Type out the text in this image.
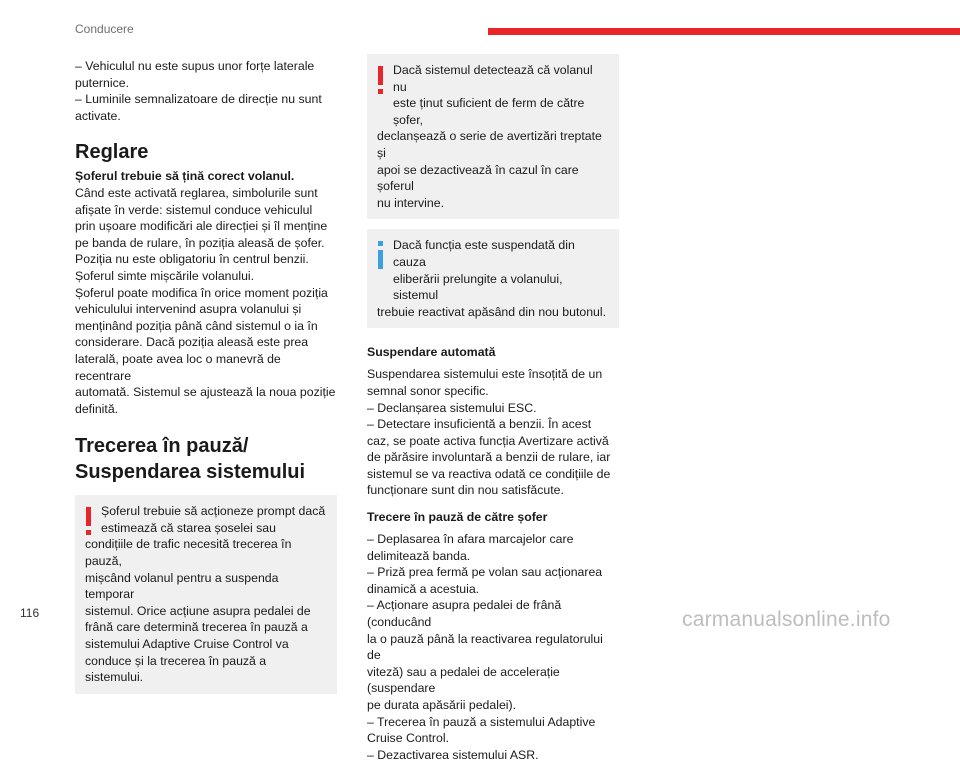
Conducere

– Vehiculul nu este supus unor forțe laterale
puternice.
– Luminile semnalizatoare de direcție nu sunt
activate.

Reglare

Șoferul trebuie să țină corect volanul.
Când este activată reglarea, simbolurile sunt
afișate în verde: sistemul conduce vehiculul
prin ușoare modificări ale direcției și îl menține
pe banda de rulare, în poziția aleasă de șofer.
Poziția nu este obligatoriu în centrul benzii.
Șoferul simte mișcările volanului.
Șoferul poate modifica în orice moment poziția
vehiculului intervenind asupra volanului și
menținând poziția până când sistemul o ia în
considerare. Dacă poziția aleasă este prea
laterală, poate avea loc o manevră de recentrare
automată. Sistemul se ajustează la noua poziție
definită.

Trecerea în pauză/
Suspendarea sistemului

Șoferul trebuie să acționeze prompt dacă
estimează că starea șoselei sau
condițiile de trafic necesită trecerea în pauză,
mișcând volanul pentru a suspenda temporar
sistemul. Orice acțiune asupra pedalei de
frână care determină trecerea în pauză a
sistemului Adaptive Cruise Control va
conduce și la trecerea în pauză a sistemului.

Dacă sistemul detectează că volanul nu
este ținut suficient de ferm de către șofer,
declanșează o serie de avertizări treptate și
apoi se dezactivează în cazul în care șoferul
nu intervine.

Dacă funcția este suspendată din cauza
eliberării prelungite a volanului, sistemul
trebuie reactivat apăsând din nou butonul.

Suspendare automată

Suspendarea sistemului este însoțită de un
semnal sonor specific.
– Declanșarea sistemului ESC.
– Detectare insuficientă a benzii. În acest
caz, se poate activa funcția Avertizare activă
de părăsire involuntară a benzii de rulare, iar
sistemul se va reactiva odată ce condițiile de
funcționare sunt din nou satisfăcute.

Trecere în pauză de către șofer

– Deplasarea în afara marcajelor care
delimitează banda.
– Priză prea fermă pe volan sau acționarea
dinamică a acestuia.
– Acționare asupra pedalei de frână (conducând
la o pauză până la reactivarea regulatorului de
viteză) sau a pedalei de accelerație (suspendare
pe durata apăsării pedalei).
– Trecerea în pauză a sistemului Adaptive
Cruise Control.
– Dezactivarea sistemului ASR.

116	carmanualsonline.info
